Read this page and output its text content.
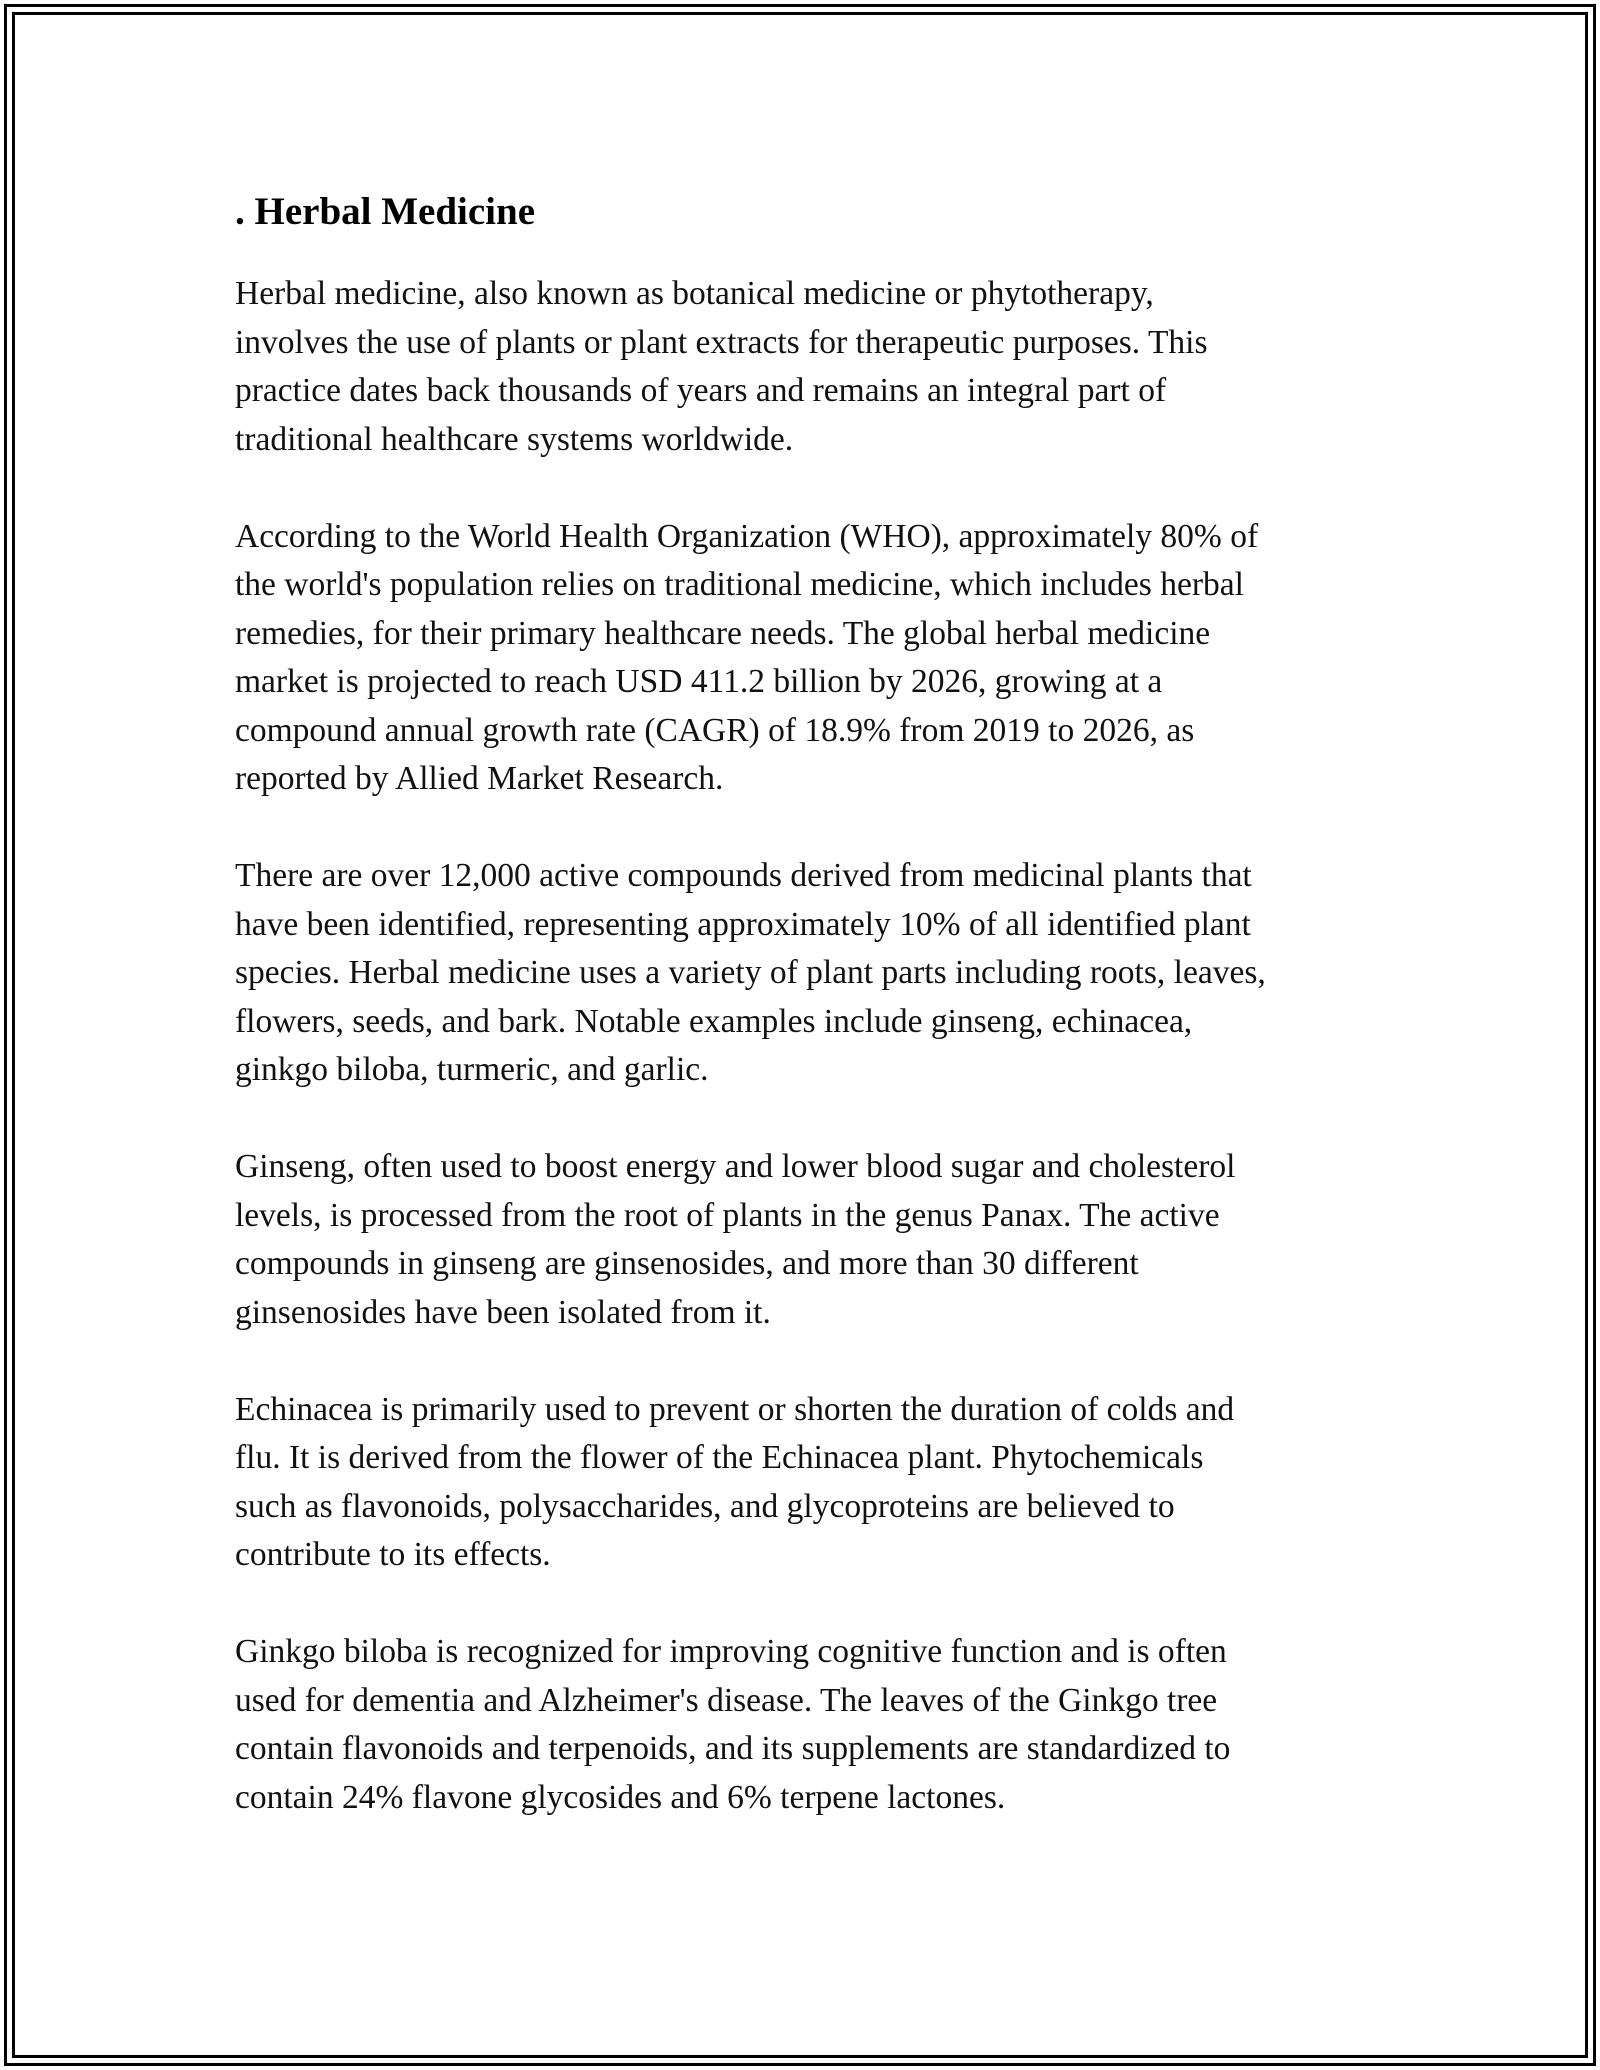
. Herbal Medicine

Herbal medicine, also known as botanical medicine or phytotherapy,
involves the use of plants or plant extracts for therapeutic purposes. This
practice dates back thousands of years and remains an integral part of
traditional healthcare systems worldwide.

According to the World Health Organization (WHO), approximately 80% of
the world's population relies on traditional medicine, which includes herbal
remedies, for their primary healthcare needs. The global herbal medicine
market is projected to reach USD 411.2 billion by 2026, growing at a
compound annual growth rate (CAGR) of 18.9% from 2019 to 2026, as
reported by Allied Market Research.

There are over 12,000 active compounds derived from medicinal plants that
have been identified, representing approximately 10% of all identified plant
species. Herbal medicine uses a variety of plant parts including roots, leaves,
flowers, seeds, and bark. Notable examples include ginseng, echinacea,
ginkgo biloba, turmeric, and garlic.

Ginseng, often used to boost energy and lower blood sugar and cholesterol
levels, is processed from the root of plants in the genus Panax. The active
compounds in ginseng are ginsenosides, and more than 30 different
ginsenosides have been isolated from it.

Echinacea is primarily used to prevent or shorten the duration of colds and
flu. It is derived from the flower of the Echinacea plant. Phytochemicals
such as flavonoids, polysaccharides, and glycoproteins are believed to
contribute to its effects.

Ginkgo biloba is recognized for improving cognitive function and is often
used for dementia and Alzheimer's disease. The leaves of the Ginkgo tree
contain flavonoids and terpenoids, and its supplements are standardized to
contain 24% flavone glycosides and 6% terpene lactones.
